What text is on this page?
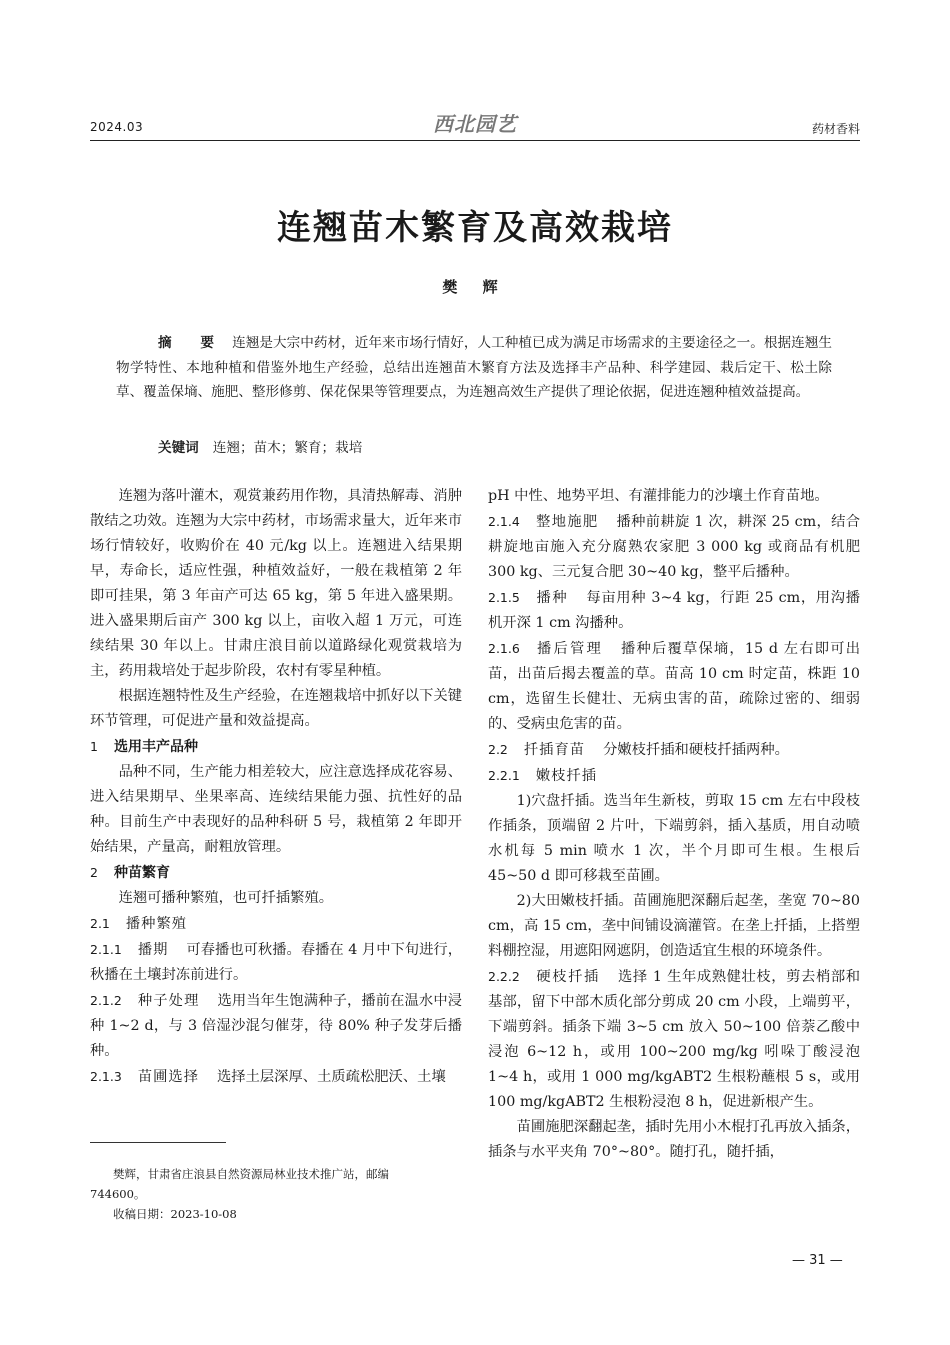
2024.03	西北园艺	药材香料
连翘苗木繁育及高效栽培
樊 辉
摘 要 连翘是大宗中药材，近年来市场行情好，人工种植已成为满足市场需求的主要途径之一。根据连翘生物学特性、本地种植和借鉴外地生产经验，总结出连翘苗木繁育方法及选择丰产品种、科学建园、栽后定干、松土除草、覆盖保墒、施肥、整形修剪、保花保果等管理要点，为连翘高效生产提供了理论依据，促进连翘种植效益提高。
关键词 连翘；苗木；繁育；栽培

连翘为落叶灌木，观赏兼药用作物，具清热解毒、消肿散结之功效。连翘为大宗中药材，市场需求量大，近年来市场行情较好，收购价在 40 元/kg 以上。连翘进入结果期早，寿命长，适应性强，种植效益好，一般在栽植第 2 年即可挂果，第 3 年亩产可达 65 kg，第 5 年进入盛果期。进入盛果期后亩产 300 kg 以上，亩收入超 1 万元，可连续结果 30 年以上。甘肃庄浪目前以道路绿化观赏栽培为主，药用栽培处于起步阶段，农村有零星种植。

根据连翘特性及生产经验，在连翘栽培中抓好以下关键环节管理，可促进产量和效益提高。

1 选用丰产品种

品种不同，生产能力相差较大，应注意选择成花容易、进入结果期早、坐果率高、连续结果能力强、抗性好的品种。目前生产中表现好的品种科研 5 号，栽植第 2 年即开始结果，产量高，耐粗放管理。

2 种苗繁育

连翘可播种繁殖，也可扦插繁殖。

2.1 播种繁殖

2.1.1 播期 可春播也可秋播。春播在 4 月中下旬进行，秋播在土壤封冻前进行。

2.1.2 种子处理 选用当年生饱满种子，播前在温水中浸种 1~2 d，与 3 倍湿沙混匀催芽，待 80% 种子发芽后播种。

2.1.3 苗圃选择 选择土层深厚、土质疏松肥沃、土壤

pH 中性、地势平坦、有灌排能力的沙壤土作育苗地。

2.1.4 整地施肥 播种前耕旋 1 次，耕深 25 cm，结合耕旋地亩施入充分腐熟农家肥 3 000 kg 或商品有机肥 300 kg、三元复合肥 30~40 kg，整平后播种。

2.1.5 播种 每亩用种 3~4 kg，行距 25 cm，用沟播机开深 1 cm 沟播种。

2.1.6 播后管理 播种后覆草保墒，15 d 左右即可出苗，出苗后揭去覆盖的草。苗高 10 cm 时定苗，株距 10 cm，选留生长健壮、无病虫害的苗，疏除过密的、细弱的、受病虫危害的苗。

2.2 扦插育苗 分嫩枝扦插和硬枝扦插两种。

2.2.1 嫩枝扦插

1)穴盘扦插。选当年生新枝，剪取 15 cm 左右中段枝作插条，顶端留 2 片叶，下端剪斜，插入基质，用自动喷水机每 5 min 喷水 1 次，半个月即可生根。生根后 45~50 d 即可移栽至苗圃。

2)大田嫩枝扦插。苗圃施肥深翻后起垄，垄宽 70~80 cm，高 15 cm，垄中间铺设滴灌管。在垄上扦插，上搭塑料棚控湿，用遮阳网遮阴，创造适宜生根的环境条件。

2.2.2 硬枝扦插 选择 1 生年成熟健壮枝，剪去梢部和基部，留下中部木质化部分剪成 20 cm 小段，上端剪平，下端剪斜。插条下端 3~5 cm 放入 50~100 倍萘乙酸中浸泡 6~12 h，或用 100~200 mg/kg 吲哚丁酸浸泡 1~4 h，或用 1 000 mg/kgABT2 生根粉蘸根 5 s，或用 100 mg/kgABT2 生根粉浸泡 8 h，促进新根产生。

苗圃施肥深翻起垄，插时先用小木棍打孔再放入插条，插条与水平夹角 70°~80°。随打孔，随扦插，

樊辉，甘肃省庄浪县自然资源局林业技术推广站，邮编

744600。

收稿日期：2023-10-08

— 31 —
